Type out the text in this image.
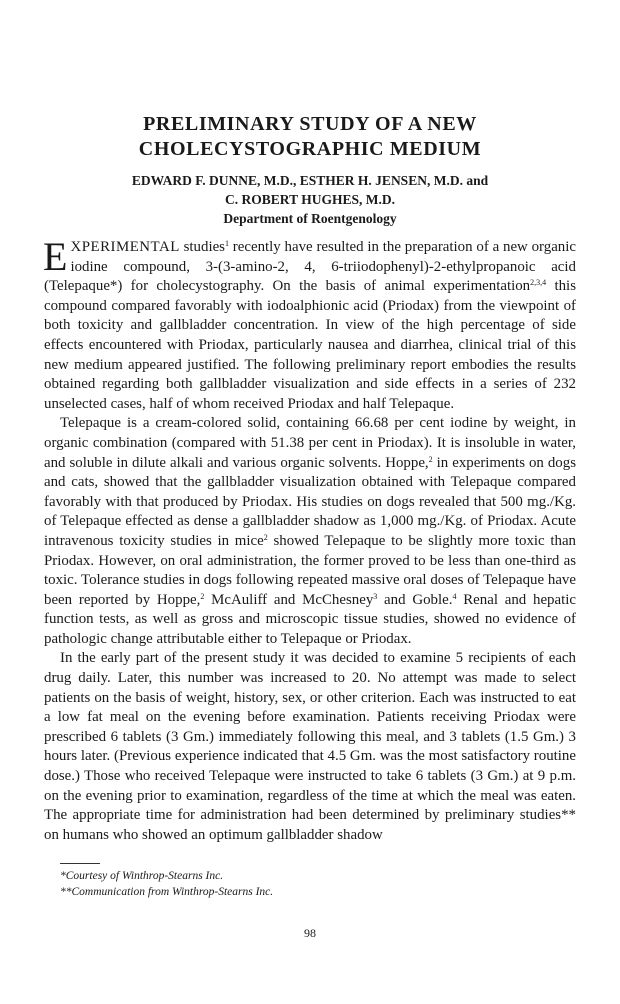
PRELIMINARY STUDY OF A NEW
CHOLECYSTOGRAPHIC MEDIUM
EDWARD F. DUNNE, M.D., ESTHER H. JENSEN, M.D. and
C. ROBERT HUGHES, M.D.
Department of Roentgenology

EXPERIMENTAL studies$^1$ recently have resulted in the preparation of a new organic iodine compound, 3-(3-amino-2, 4, 6-triiodophenyl)-2-ethylpropanoic acid (Telepaque*) for cholecystography. On the basis of animal experimentation$^{2,3,4}$ this compound compared favorably with iodoalphionic acid (Priodax) from the viewpoint of both toxicity and gallbladder concentration. In view of the high percentage of side effects encountered with Priodax, particularly nausea and diarrhea, clinical trial of this new medium appeared justified. The following preliminary report embodies the results obtained regarding both gallbladder visualization and side effects in a series of 232 unselected cases, half of whom received Priodax and half Telepaque.

Telepaque is a cream-colored solid, containing 66.68 per cent iodine by weight, in organic combination (compared with 51.38 per cent in Priodax). It is insoluble in water, and soluble in dilute alkali and various organic solvents. Hoppe,$^2$ in experiments on dogs and cats, showed that the gallbladder visualization obtained with Telepaque compared favorably with that produced by Priodax. His studies on dogs revealed that 500 mg./Kg. of Telepaque effected as dense a gallbladder shadow as 1,000 mg./Kg. of Priodax. Acute intravenous toxicity studies in mice$^2$ showed Telepaque to be slightly more toxic than Priodax. However, on oral administration, the former proved to be less than one-third as toxic. Tolerance studies in dogs following repeated massive oral doses of Telepaque have been reported by Hoppe,$^2$ McAuliff and McChesney$^3$ and Goble.$^4$ Renal and hepatic function tests, as well as gross and microscopic tissue studies, showed no evidence of pathologic change attributable either to Telepaque or Priodax.

In the early part of the present study it was decided to examine 5 recipients of each drug daily. Later, this number was increased to 20. No attempt was made to select patients on the basis of weight, history, sex, or other criterion. Each was instructed to eat a low fat meal on the evening before examination. Patients receiving Priodax were prescribed 6 tablets (3 Gm.) immediately following this meal, and 3 tablets (1.5 Gm.) 3 hours later. (Previous experience indicated that 4.5 Gm. was the most satisfactory routine dose.) Those who received Telepaque were instructed to take 6 tablets (3 Gm.) at 9 p.m. on the evening prior to examination, regardless of the time at which the meal was eaten. The appropriate time for administration had been determined by preliminary studies** on humans who showed an optimum gallbladder shadow

*Courtesy of Winthrop-Stearns Inc.
**Communication from Winthrop-Stearns Inc.
98
